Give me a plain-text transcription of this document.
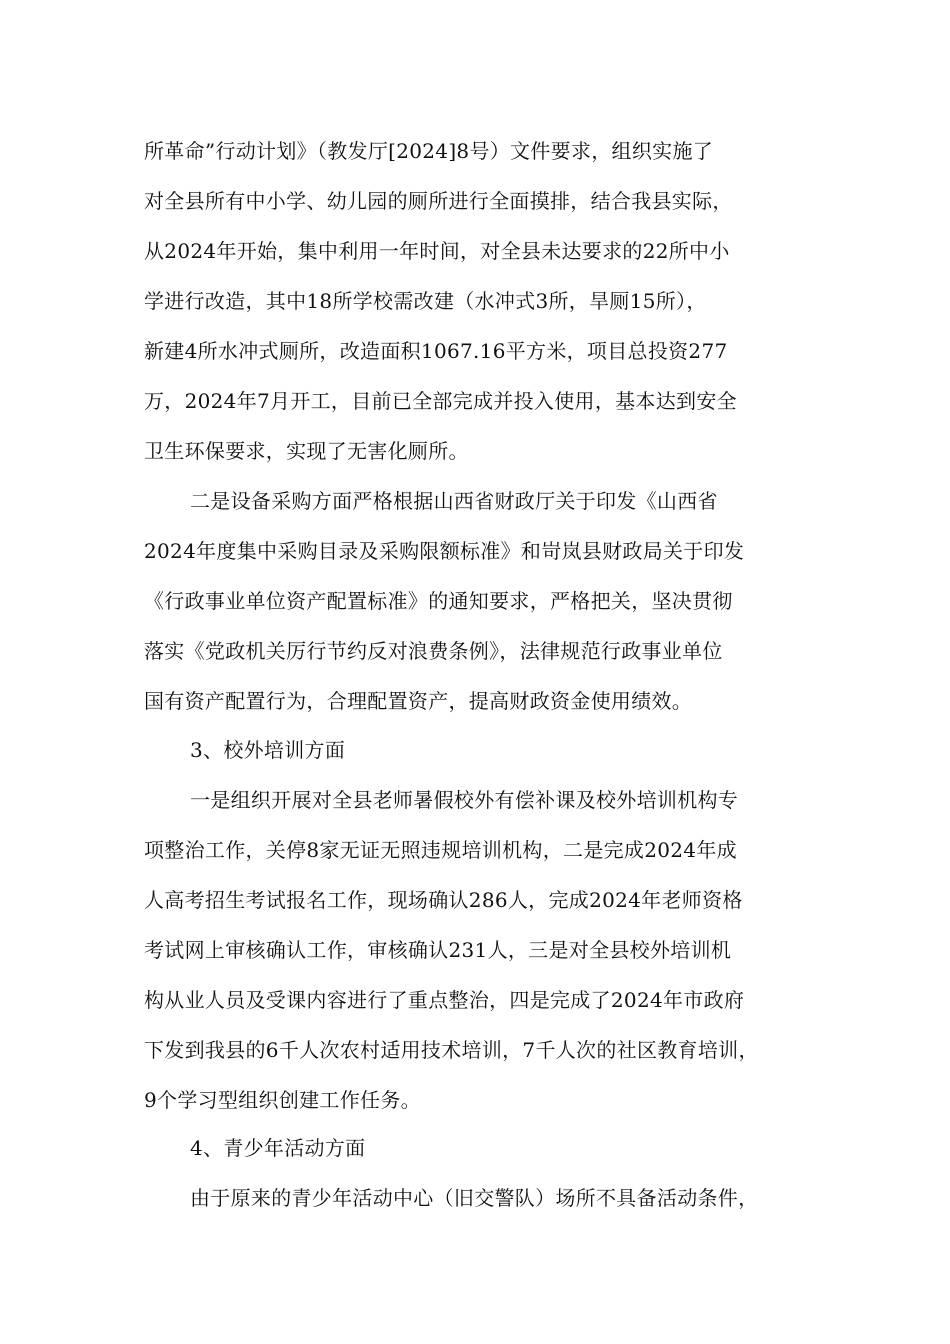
所革命”行动计划》（教发厅[2024]8号）文件要求，组织实施了
对全县所有中小学、幼儿园的厕所进行全面摸排，结合我县实际，
从2024年开始，集中利用一年时间，对全县未达要求的22所中小
学进行改造，其中18所学校需改建（水冲式3所，旱厕15所），
新建4所水冲式厕所，改造面积1067.16平方米，项目总投资277
万，2024年7月开工，目前已全部完成并投入使用，基本达到安全
卫生环保要求，实现了无害化厕所。
二是设备采购方面严格根据山西省财政厅关于印发《山西省
2024年度集中采购目录及采购限额标准》和岢岚县财政局关于印发
《行政事业单位资产配置标准》的通知要求，严格把关，坚决贯彻
落实《党政机关厉行节约反对浪费条例》，法律规范行政事业单位
国有资产配置行为，合理配置资产，提高财政资金使用绩效。
3、校外培训方面
一是组织开展对全县老师暑假校外有偿补课及校外培训机构专
项整治工作，关停8家无证无照违规培训机构，二是完成2024年成
人高考招生考试报名工作，现场确认286人，完成2024年老师资格
考试网上审核确认工作，审核确认231人，三是对全县校外培训机
构从业人员及受课内容进行了重点整治，四是完成了2024年市政府
下发到我县的6千人次农村适用技术培训，7千人次的社区教育培训，
9个学习型组织创建工作任务。
4、青少年活动方面
由于原来的青少年活动中心（旧交警队）场所不具备活动条件，
